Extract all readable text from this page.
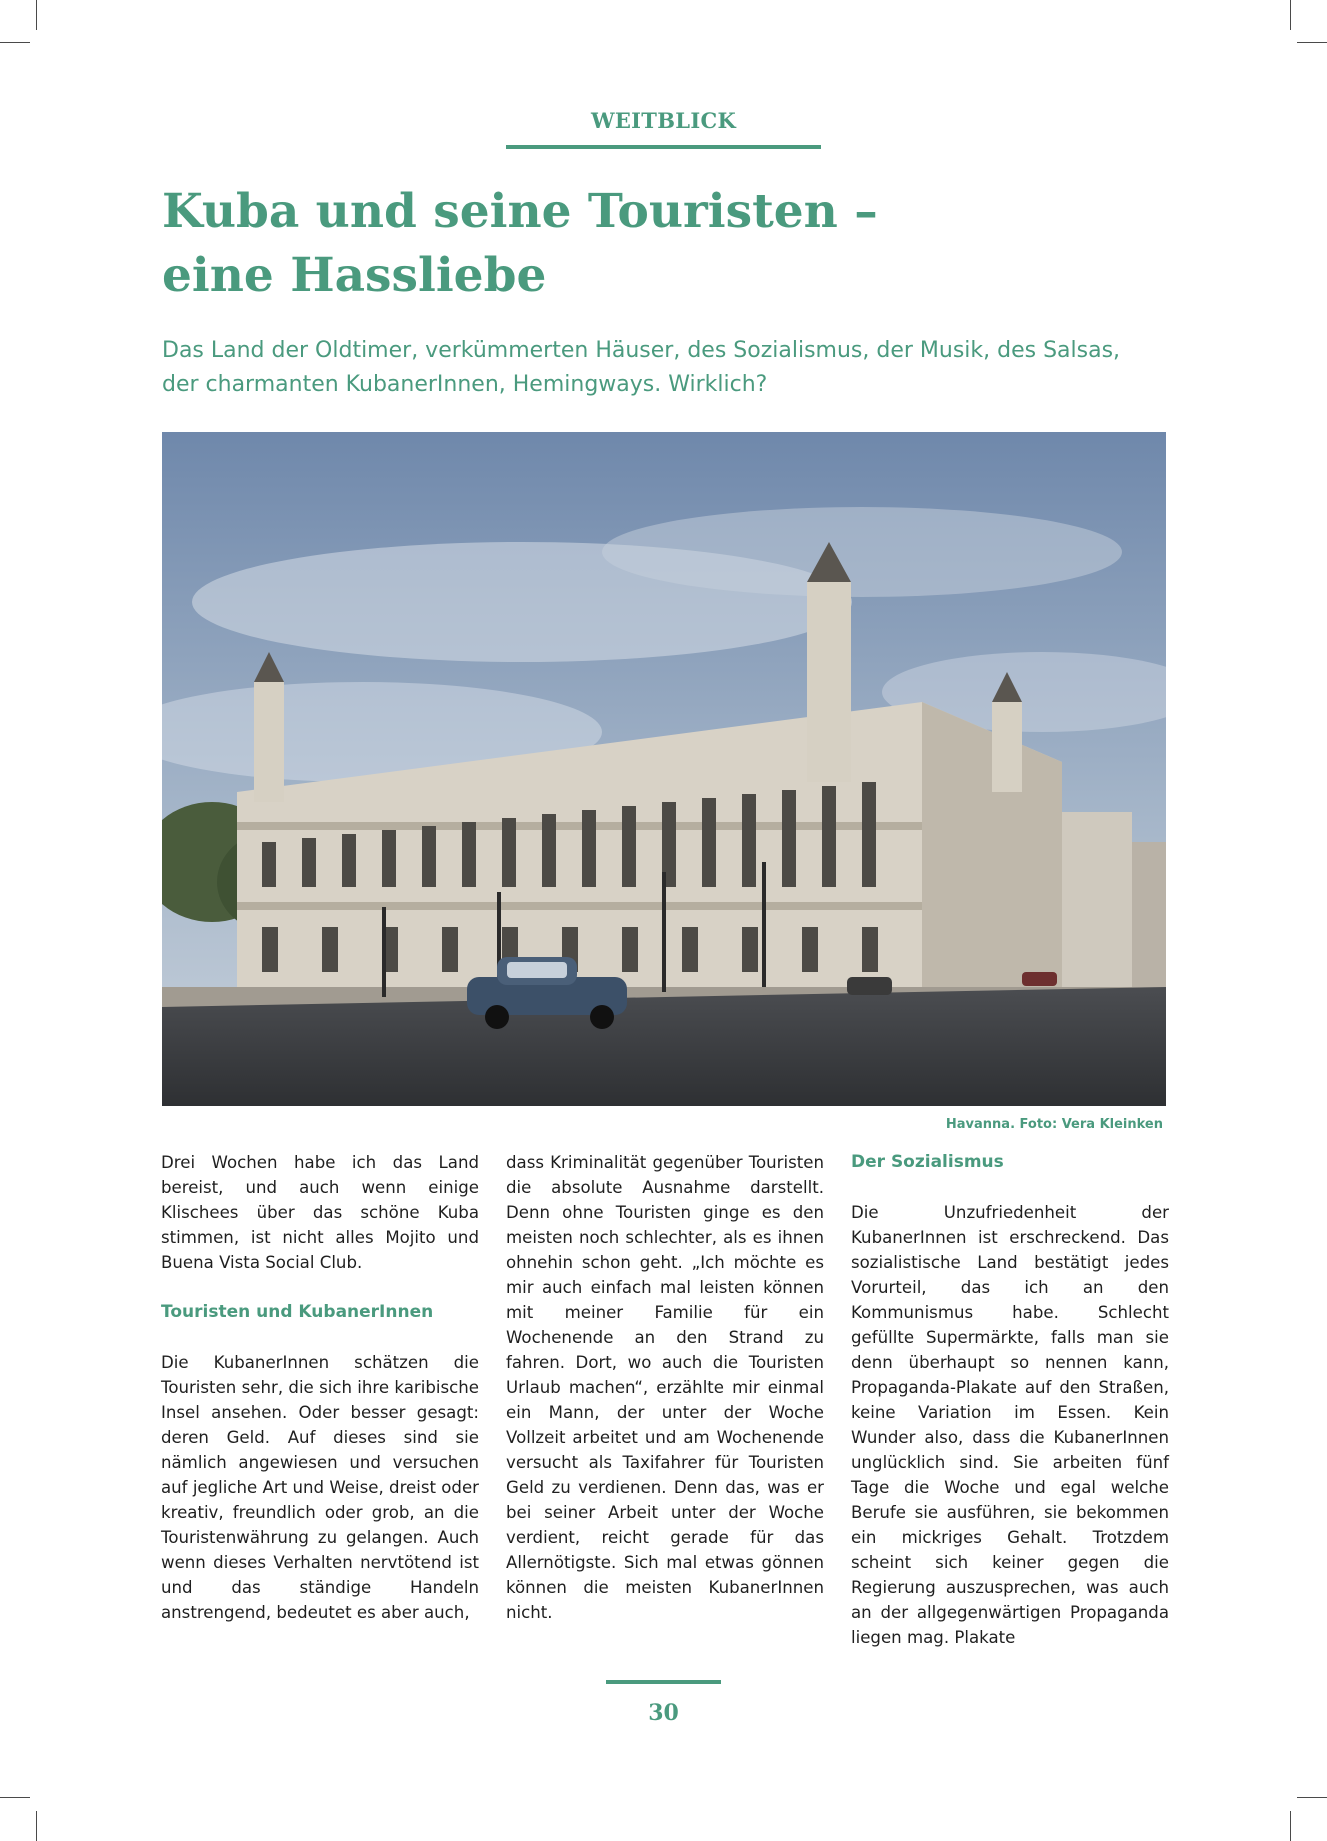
WEITBLICK
Kuba und seine Touristen –
eine Hassliebe

Das Land der Oldtimer, verkümmerten Häuser, des Sozialismus, der Musik, des Salsas,
der charmanten KubanerInnen, Hemingways. Wirklich?

Havanna. Foto: Vera Kleinken

Drei Wochen habe ich das Land bereist, und auch wenn einige Klischees über das schöne Kuba stimmen, ist nicht alles Mojito und Buena Vista Social Club.

Touristen und KubanerInnen

Die KubanerInnen schätzen die Touristen sehr, die sich ihre karibische Insel ansehen. Oder besser gesagt: deren Geld. Auf dieses sind sie nämlich angewiesen und versuchen auf jegliche Art und Weise, dreist oder kreativ, freundlich oder grob, an die Touristenwährung zu gelangen. Auch wenn dieses Verhalten nervtötend ist und das ständige Handeln anstrengend, bedeutet es aber auch,

dass Kriminalität gegenüber Touristen die absolute Ausnahme darstellt. Denn ohne Touristen ginge es den meisten noch schlechter, als es ihnen ohnehin schon geht. „Ich möchte es mir auch einfach mal leisten können mit meiner Familie für ein Wochenende an den Strand zu fahren. Dort, wo auch die Touristen Urlaub machen“, erzählte mir einmal ein Mann, der unter der Woche Vollzeit arbeitet und am Wochenende versucht als Taxifahrer für Touristen Geld zu verdienen. Denn das, was er bei seiner Arbeit unter der Woche verdient, reicht gerade für das Allernötigste. Sich mal etwas gönnen können die meisten KubanerInnen nicht.

Der Sozialismus

Die Unzufriedenheit der KubanerInnen ist erschreckend. Das sozialistische Land bestätigt jedes Vorurteil, das ich an den Kommunismus habe. Schlecht gefüllte Supermärkte, falls man sie denn überhaupt so nennen kann, Propaganda-Plakate auf den Straßen, keine Variation im Essen. Kein Wunder also, dass die KubanerInnen unglücklich sind. Sie arbeiten fünf Tage die Woche und egal welche Berufe sie ausführen, sie bekommen ein mickriges Gehalt. Trotzdem scheint sich keiner gegen die Regierung auszusprechen, was auch an der allgegenwärtigen Propaganda liegen mag. Plakate

30
